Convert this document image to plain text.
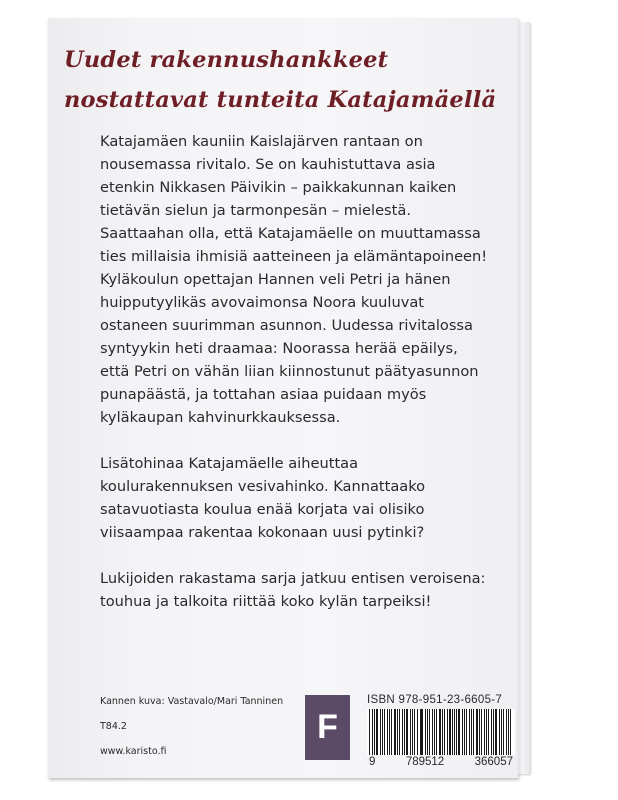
Uudet rakennushankkeet
nostattavat tunteita Katajamäellä

Katajamäen kauniin Kaislajärven rantaan on
nousemassa rivitalo. Se on kauhistuttava asia
etenkin Nikkasen Päivikin – paikkakunnan kaiken
tietävän sielun ja tarmonpesän – mielestä.
Saattaahan olla, että Katajamäelle on muuttamassa
ties millaisia ihmisiä aatteineen ja elämäntapoineen!
Kyläkoulun opettajan Hannen veli Petri ja hänen
huipputyylikäs avovaimonsa Noora kuuluvat
ostaneen suurimman asunnon. Uudessa rivitalossa
syntyykin heti draamaa: Noorassa herää epäilys,
että Petri on vähän liian kiinnostunut päätyasunnon
punapäästä, ja tottahan asiaa puidaan myös
kyläkaupan kahvinurkkauksessa.

Lisätohinaa Katajamäelle aiheuttaa
koulurakennuksen vesivahinko. Kannattaako
satavuotiasta koulua enää korjata vai olisiko
viisaampaa rakentaa kokonaan uusi pytinki?

Lukijoiden rakastama sarja jatkuu entisen veroisena:
touhua ja talkoita riittää koko kylän tarpeiksi!

Kannen kuva: Vastavalo/Mari Tanninen
T84.2
www.karisto.fi
F
ISBN 978-951-23-6605-7
9	789512	366057
